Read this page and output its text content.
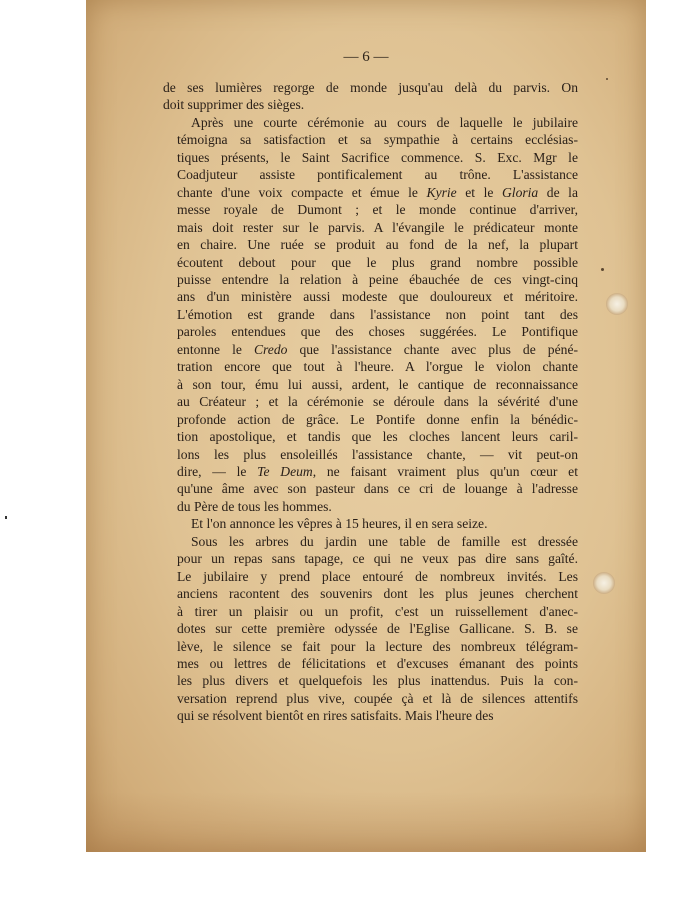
— 6 —

de ses lumières regorge de monde jusqu'au delà du parvis. On
doit supprimer des sièges.

Après une courte cérémonie au cours de laquelle le jubilaire
témoigna sa satisfaction et sa sympathie à certains ecclésias-
tiques présents, le Saint Sacrifice commence. S. Exc. Mgr le
Coadjuteur assiste pontificalement au trône. L'assistance
chante d'une voix compacte et émue le Kyrie et le Gloria de la
messe royale de Dumont ; et le monde continue d'arriver,
mais doit rester sur le parvis. A l'évangile le prédicateur monte
en chaire. Une ruée se produit au fond de la nef, la plupart
écoutent debout pour que le plus grand nombre possible
puisse entendre la relation à peine ébauchée de ces vingt-cinq
ans d'un ministère aussi modeste que douloureux et méritoire.
L'émotion est grande dans l'assistance non point tant des
paroles entendues que des choses suggérées. Le Pontifique
entonne le Credo que l'assistance chante avec plus de péné-
tration encore que tout à l'heure. A l'orgue le violon chante
à son tour, ému lui aussi, ardent, le cantique de reconnaissance
au Créateur ; et la cérémonie se déroule dans la sévérité d'une
profonde action de grâce. Le Pontife donne enfin la bénédic-
tion apostolique, et tandis que les cloches lancent leurs caril-
lons les plus ensoleillés l'assistance chante, — vit peut-on
dire, — le Te Deum, ne faisant vraiment plus qu'un cœur et
qu'une âme avec son pasteur dans ce cri de louange à l'adresse
du Père de tous les hommes.

Et l'on annonce les vêpres à 15 heures, il en sera seize.

Sous les arbres du jardin une table de famille est dressée
pour un repas sans tapage, ce qui ne veux pas dire sans gaîté.
Le jubilaire y prend place entouré de nombreux invités. Les
anciens racontent des souvenirs dont les plus jeunes cherchent
à tirer un plaisir ou un profit, c'est un ruissellement d'anec-
dotes sur cette première odyssée de l'Eglise Gallicane. S. B. se
lève, le silence se fait pour la lecture des nombreux télégram-
mes ou lettres de félicitations et d'excuses émanant des points
les plus divers et quelquefois les plus inattendus. Puis la con-
versation reprend plus vive, coupée çà et là de silences attentifs
qui se résolvent bientôt en rires satisfaits. Mais l'heure des
